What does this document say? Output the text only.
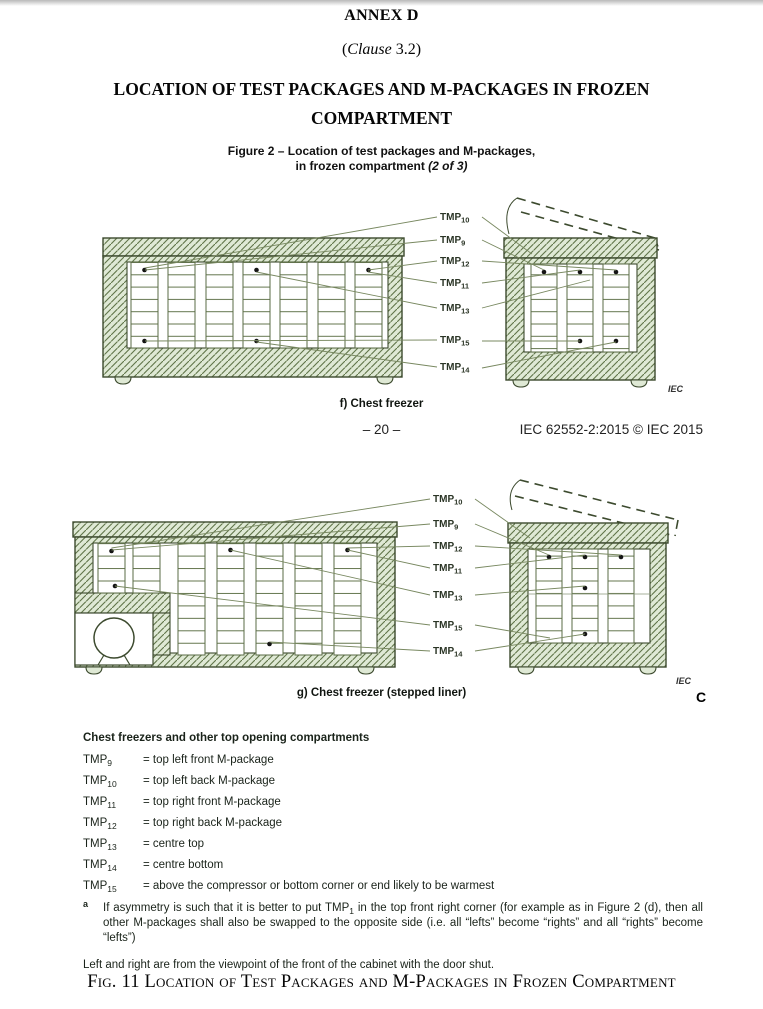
ANNEX D
(Clause 3.2)
LOCATION OF TEST PACKAGES AND M-PACKAGES IN FROZEN
COMPARTMENT
Figure 2 – Location of test packages and M-packages,
in frozen compartment (2 of 3)
$TMP_{10}$
$TMP_9$
$TMP_{12}$
$TMP_{11}$
$TMP_{13}$
$TMP_{15}$
$TMP_{14}$
IEC
f) Chest freezer
– 20 –	IEC 62552-2:2015 © IEC 2015
$TMP_{10}$
$TMP_9$
$TMP_{12}$
$TMP_{11}$
$TMP_{13}$
$TMP_{15}$
$TMP_{14}$
IEC
g) Chest freezer (stepped liner)	C

Chest freezers and other top opening compartments

$TMP_9$	= top left front M-package
$TMP_{10}$	= top left back M-package
$TMP_{11}$	= top right front M-package
$TMP_{12}$	= top right back M-package
$TMP_{13}$	= centre top
$TMP_{14}$	= centre bottom
$TMP_{15}$	= above the compressor or bottom corner or end likely to be warmest
a	If asymmetry is such that it is better to put $TMP_1$ in the top front right corner (for example as in Figure 2 (d), then all other M-packages shall also be swapped to the opposite side (i.e. all “lefts” become “rights” and all “rights” become “lefts”)

Left and right are from the viewpoint of the front of the cabinet with the door shut.

Fig. 11 Location of Test Packages and M-Packages in Frozen Compartment
